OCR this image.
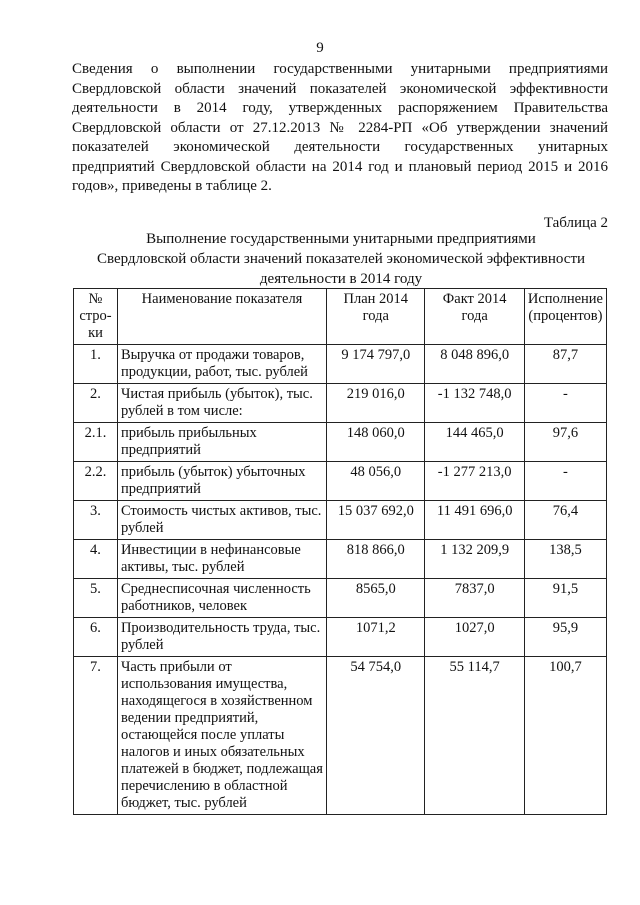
9
Сведения о выполнении государственными унитарными предприятиями Свердловской области значений показателей экономической эффективности деятельности в 2014 году, утвержденных распоряжением Правительства Свердловской области от 27.12.2013 № 2284-РП «Об утверждении значений показателей экономической деятельности государственных унитарных предприятий Свердловской области на 2014 год и плановый период 2015 и 2016 годов», приведены в таблице 2.
Таблица 2
Выполнение государственными унитарными предприятиями
Свердловской области значений показателей экономической эффективности
деятельности в 2014 году
№ стро-ки	Наименование показателя	План 2014 года	Факт 2014 года	Исполнение (процентов)
1.	Выручка от продажи товаров, продукции, работ, тыс. рублей	9 174 797,0	8 048 896,0	87,7
2.	Чистая прибыль (убыток), тыс. рублей в том числе:	219 016,0	-1 132 748,0	-
2.1.	прибыль прибыльных предприятий	148 060,0	144 465,0	97,6
2.2.	прибыль (убыток) убыточных предприятий	48 056,0	-1 277 213,0	-
3.	Стоимость чистых активов, тыс. рублей	15 037 692,0	11 491 696,0	76,4
4.	Инвестиции в нефинансовые активы, тыс. рублей	818 866,0	1 132 209,9	138,5
5.	Среднесписочная численность работников, человек	8565,0	7837,0	91,5
6.	Производительность труда, тыс. рублей	1071,2	1027,0	95,9
7.	Часть прибыли от использования имущества, находящегося в хозяйственном ведении предприятий, остающейся после уплаты налогов и иных обязательных платежей в бюджет, подлежащая перечислению в областной бюджет, тыс. рублей	54 754,0	55 114,7	100,7
